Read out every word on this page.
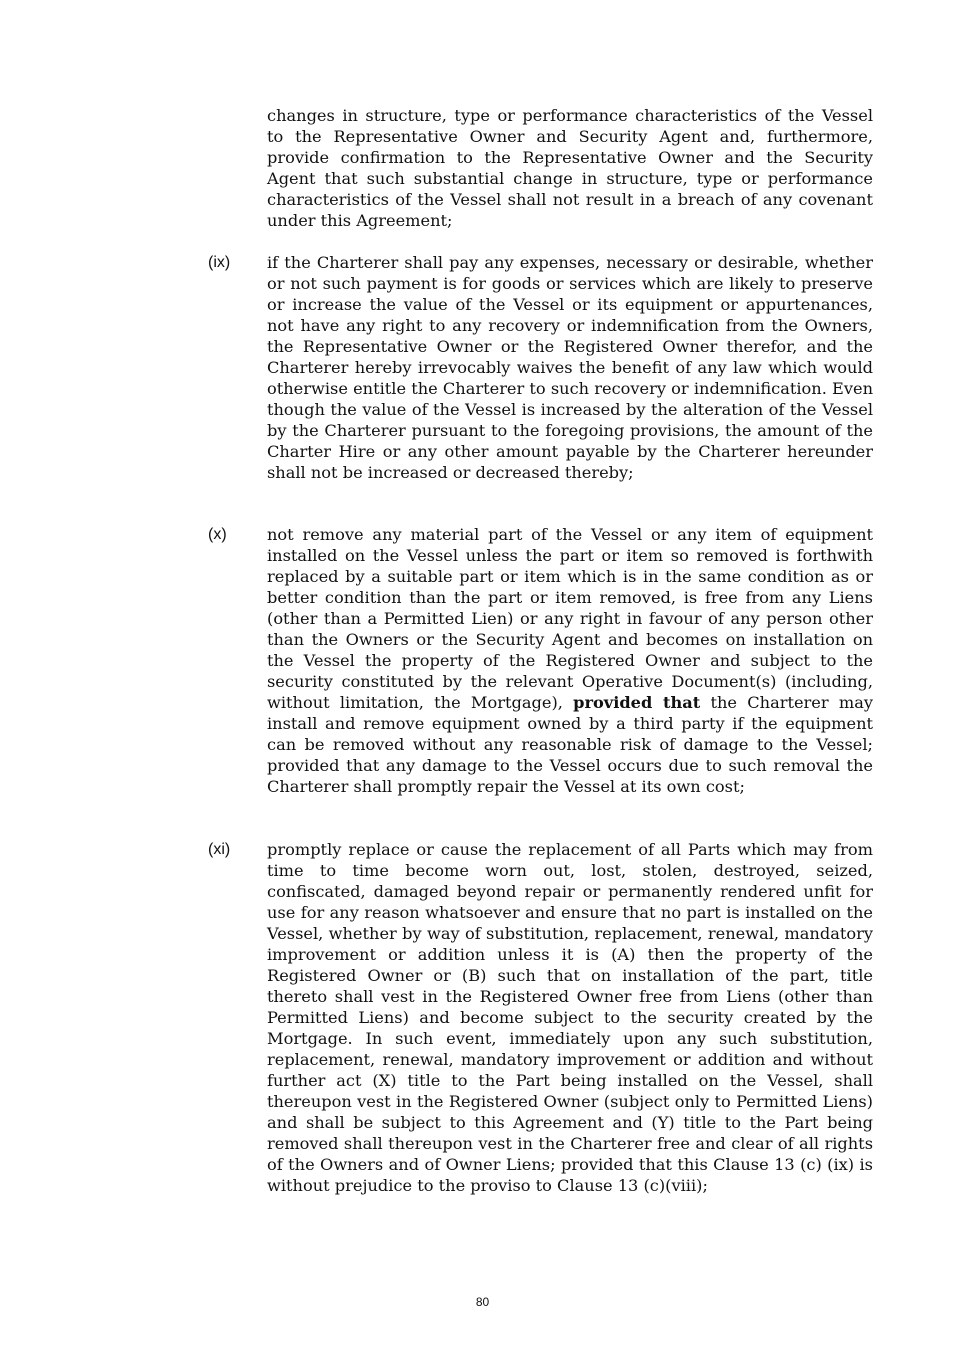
changes in structure, type or performance characteristics of the Vessel to the Representative Owner and Security Agent and, furthermore, provide confirmation to the Representative Owner and the Security Agent that such substantial change in structure, type or performance characteristics of the Vessel shall not result in a breach of any covenant under this Agreement;

(ix) if the Charterer shall pay any expenses, necessary or desirable, whether or not such payment is for goods or services which are likely to preserve or increase the value of the Vessel or its equipment or appurtenances, not have any right to any recovery or indemnification from the Owners, the Representative Owner or the Registered Owner therefor, and the Charterer hereby irrevocably waives the benefit of any law which would otherwise entitle the Charterer to such recovery or indemnification. Even though the value of the Vessel is increased by the alteration of the Vessel by the Charterer pursuant to the foregoing provisions, the amount of the Charter Hire or any other amount payable by the Charterer hereunder shall not be increased or decreased thereby;

(x) not remove any material part of the Vessel or any item of equipment installed on the Vessel unless the part or item so removed is forthwith replaced by a suitable part or item which is in the same condition as or better condition than the part or item removed, is free from any Liens (other than a Permitted Lien) or any right in favour of any person other than the Owners or the Security Agent and becomes on installation on the Vessel the property of the Registered Owner and subject to the security constituted by the relevant Operative Document(s) (including, without limitation, the Mortgage), provided that the Charterer may install and remove equipment owned by a third party if the equipment can be removed without any reasonable risk of damage to the Vessel; provided that any damage to the Vessel occurs due to such removal the Charterer shall promptly repair the Vessel at its own cost;

(xi) promptly replace or cause the replacement of all Parts which may from time to time become worn out, lost, stolen, destroyed, seized, confiscated, damaged beyond repair or permanently rendered unfit for use for any reason whatsoever and ensure that no part is installed on the Vessel, whether by way of substitution, replacement, renewal, mandatory improvement or addition unless it is (A) then the property of the Registered Owner or (B) such that on installation of the part, title thereto shall vest in the Registered Owner free from Liens (other than Permitted Liens) and become subject to the security created by the Mortgage. In such event, immediately upon any such substitution, replacement, renewal, mandatory improvement or addition and without further act (X) title to the Part being installed on the Vessel, shall thereupon vest in the Registered Owner (subject only to Permitted Liens) and shall be subject to this Agreement and (Y) title to the Part being removed shall thereupon vest in the Charterer free and clear of all rights of the Owners and of Owner Liens; provided that this Clause 13 (c) (ix) is without prejudice to the proviso to Clause 13 (c)(viii);

80
